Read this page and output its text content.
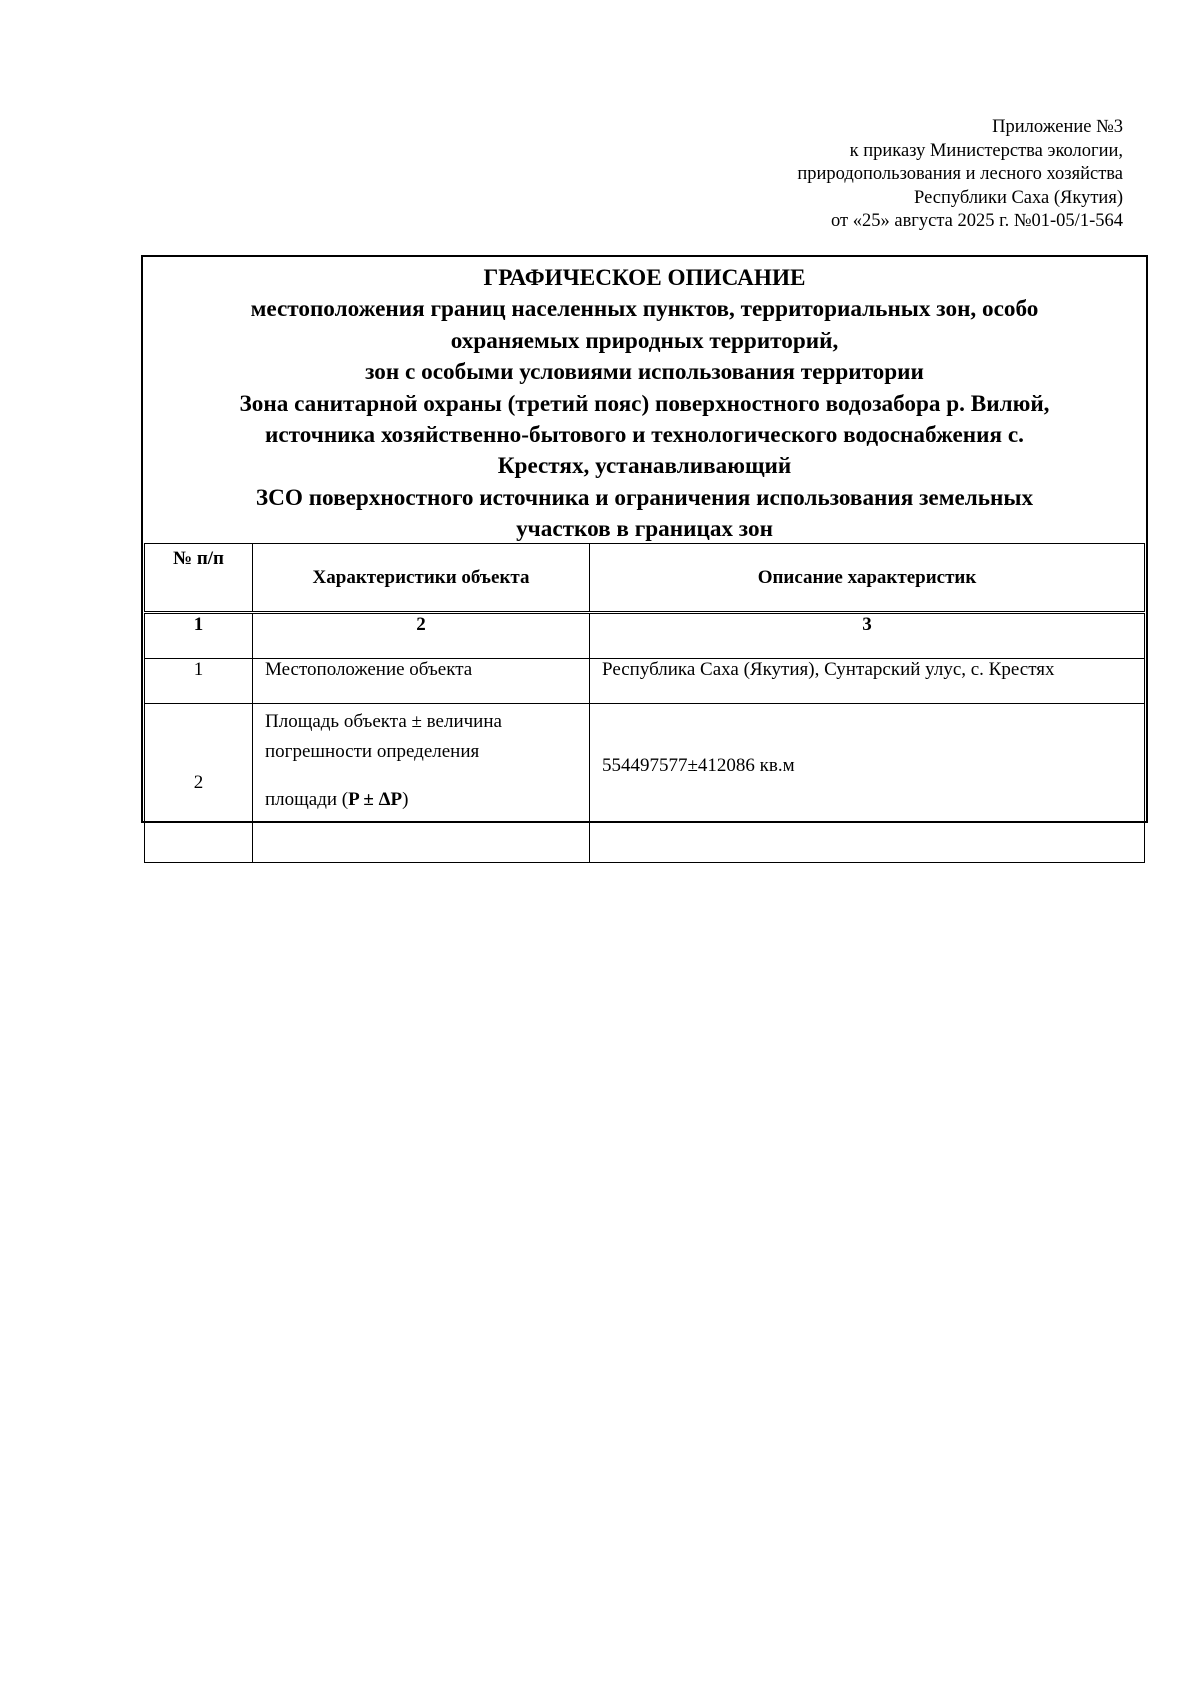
Приложение №3
к приказу Министерства экологии,
природопользования и лесного хозяйства
Республики Саха (Якутия)
от «25» августа 2025 г. №01-05/1-564
ГРАФИЧЕСКОЕ ОПИСАНИЕ
местоположения границ населенных пунктов, территориальных зон, особо
охраняемых природных территорий,
зон с особыми условиями использования территории
Зона санитарной охраны (третий пояс) поверхностного водозабора р. Вилюй,
источника хозяйственно-бытового и технологического водоснабжения с.
Крестях, устанавливающий
ЗСО поверхностного источника и ограничения использования земельных
участков в границах зон
№ п/п	Характеристики объекта	Описание характеристик
1	2	3
1	Местоположение объекта	Республика Саха (Якутия), Сунтарский улус, с. Крестях
2	Площадь объекта ± величина
погрешности определения
площади (P ± ΔP)	554497577±412086 кв.м
